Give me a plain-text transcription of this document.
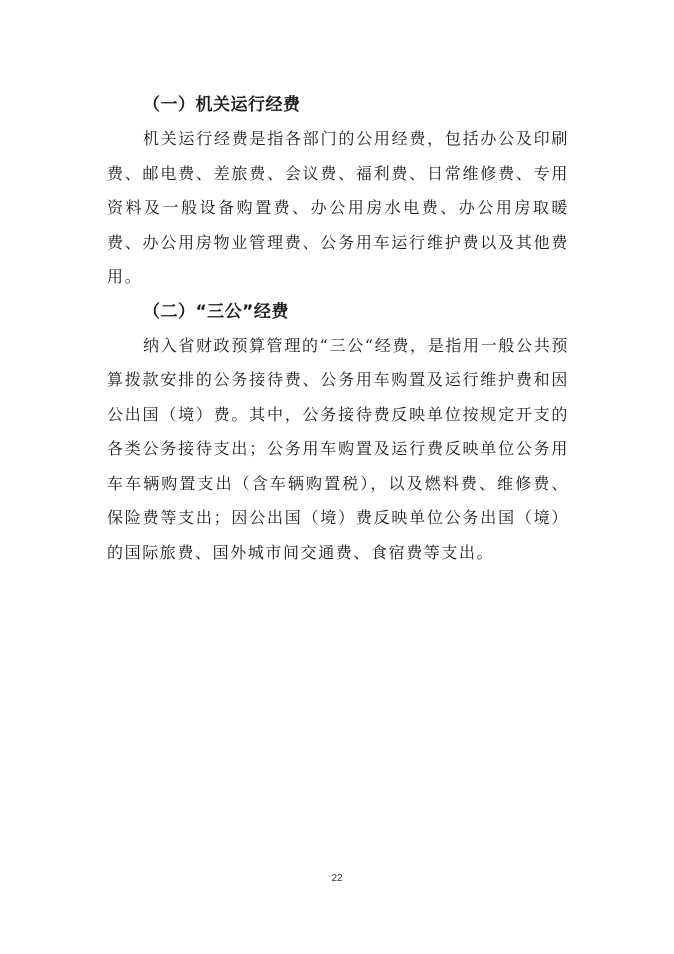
（一）机关运行经费

机关运行经费是指各部门的公用经费，包括办公及印刷费、邮电费、差旅费、会议费、福利费、日常维修费、专用资料及一般设备购置费、办公用房水电费、办公用房取暖费、办公用房物业管理费、公务用车运行维护费以及其他费用。

（二）“三公”经费

纳入省财政预算管理的“三公“经费，是指用一般公共预算拨款安排的公务接待费、公务用车购置及运行维护费和因公出国（境）费。其中，公务接待费反映单位按规定开支的各类公务接待支出；公务用车购置及运行费反映单位公务用车车辆购置支出（含车辆购置税），以及燃料费、维修费、保险费等支出；因公出国（境）费反映单位公务出国（境）的国际旅费、国外城市间交通费、食宿费等支出。

22
